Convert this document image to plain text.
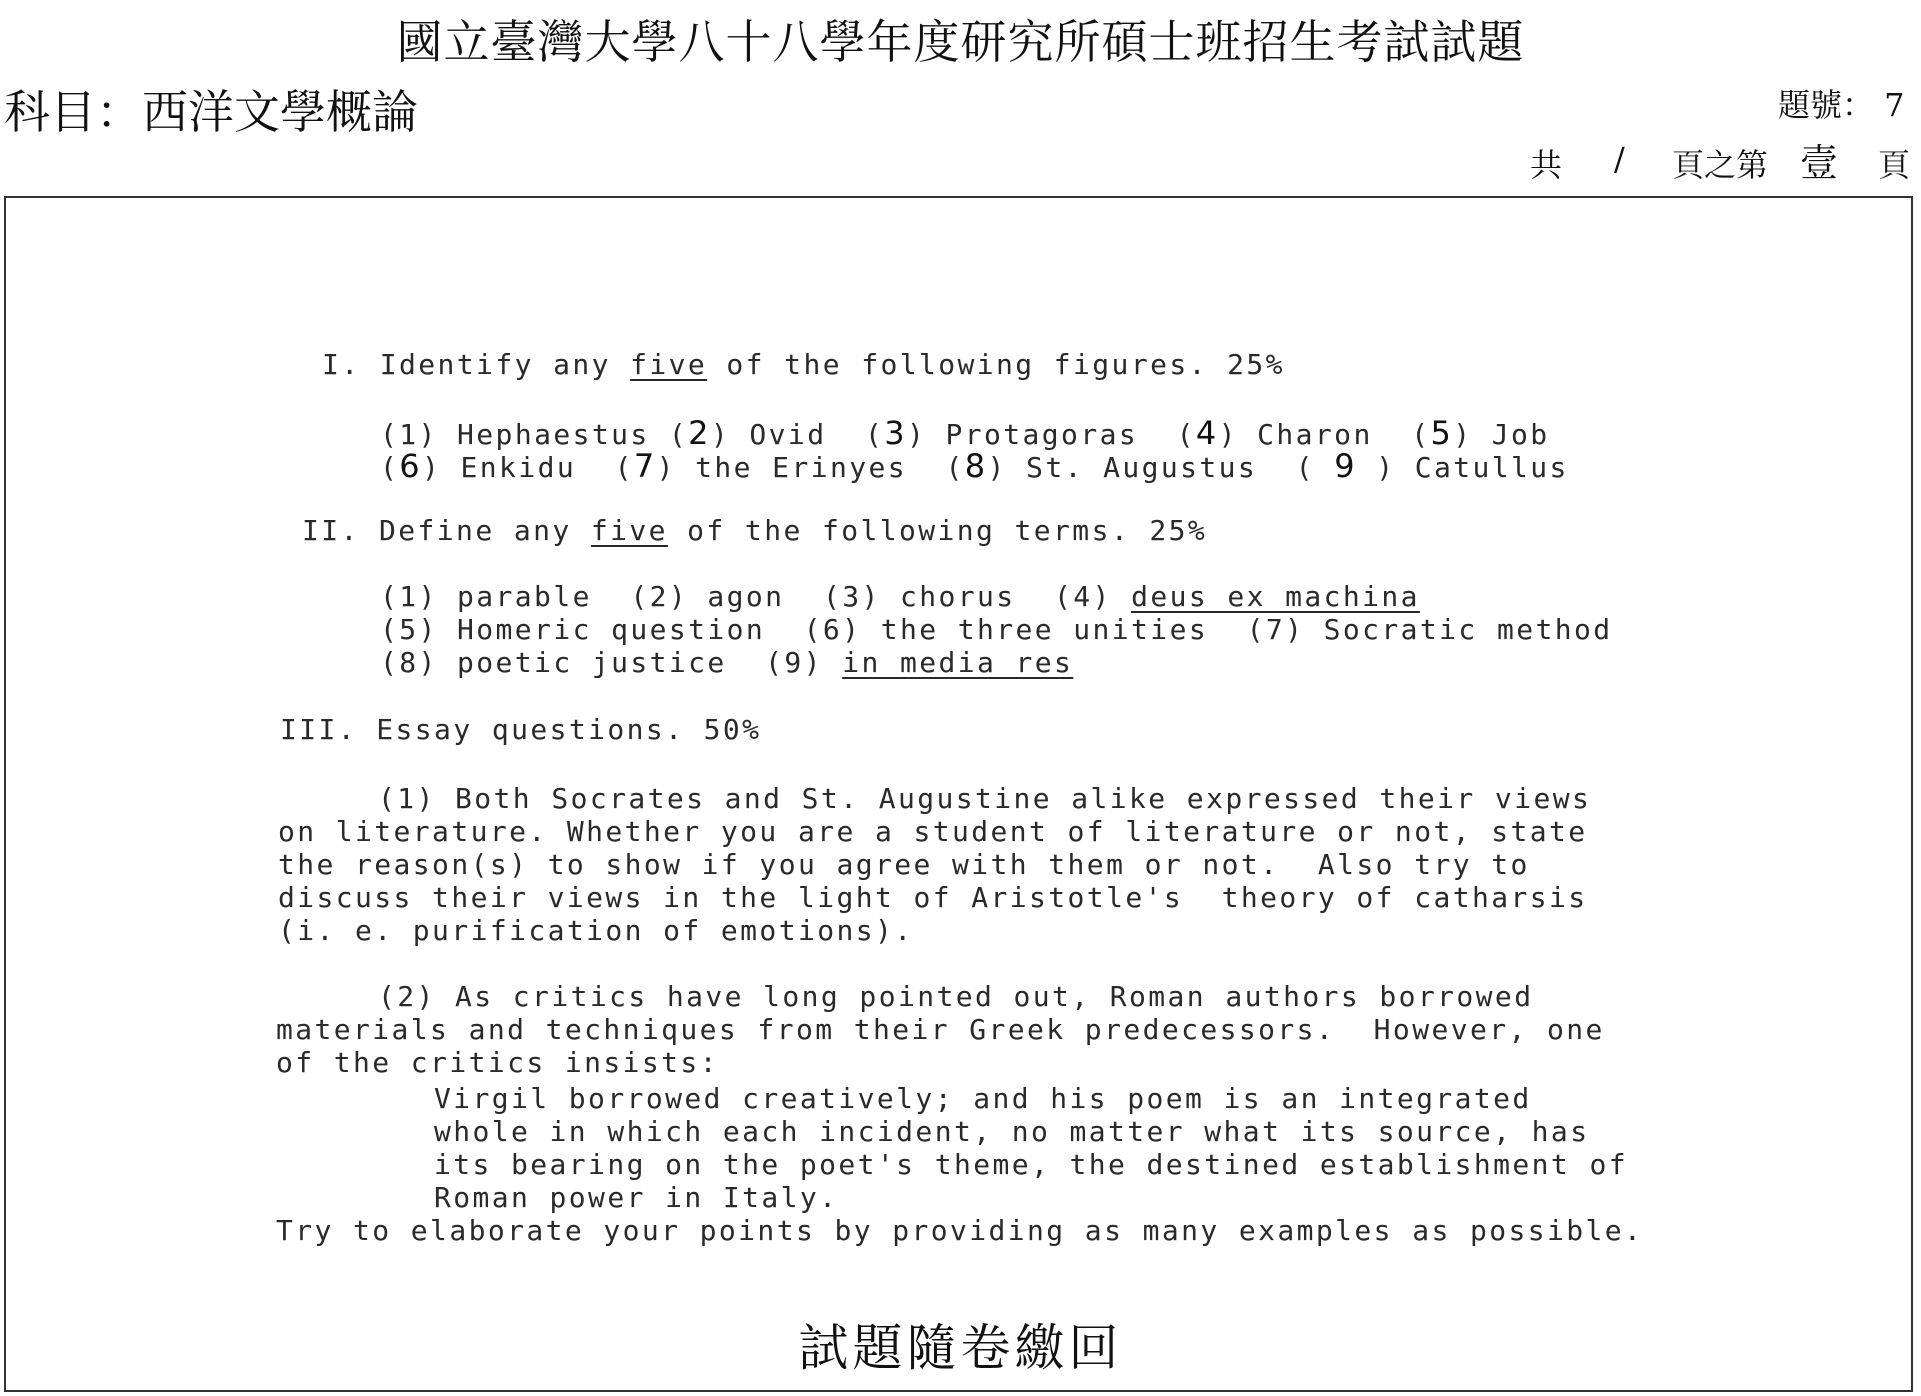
國立臺灣大學八十八學年度研究所碩士班招生考試試題
科目：西洋文學概論	題號： 7
共 / 頁之第 壹 頁
I. Identify any five of the following figures. 25%
(1) Hephaestus (2) Ovid  (3) Protagoras  (4) Charon  (5) Job
(6) Enkidu  (7) the Erinyes  (8) St. Augustus  ( 9 ) Catullus
II. Define any five of the following terms. 25%
(1) parable (2) agon (3) chorus (4) deus ex machina
(5) Homeric question (6) the three unities (7) Socratic method
(8) poetic justice (9) in media res
III. Essay questions. 50%
(1) Both Socrates and St. Augustine alike expressed their views
on literature. Whether you are a student of literature or not, state
the reason(s) to show if you agree with them or not.  Also try to
discuss their views in the light of Aristotle's  theory of catharsis
(i. e. purification of emotions).
(2) As critics have long pointed out, Roman authors borrowed
materials and techniques from their Greek predecessors.  However, one
of the critics insists:
Virgil borrowed creatively; and his poem is an integrated
whole in which each incident, no matter what its source, has
its bearing on the poet's theme, the destined establishment of
Roman power in Italy.
Try to elaborate your points by providing as many examples as possible.
試題隨卷繳回
